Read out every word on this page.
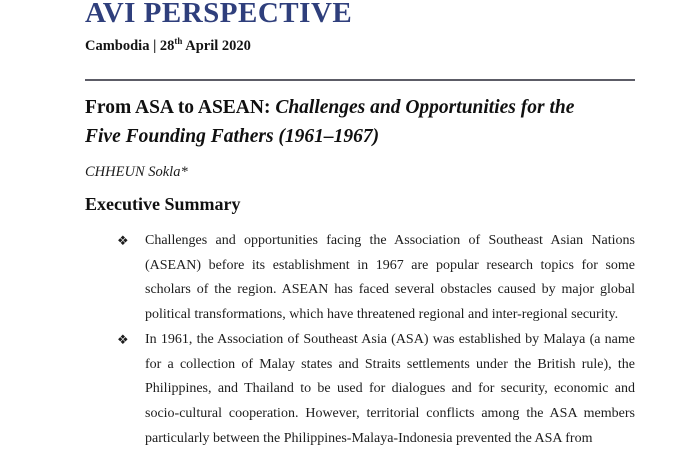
AVI PERSPECTIVE
Cambodia | 28th April 2020
From ASA to ASEAN: Challenges and Opportunities for the Five Founding Fathers (1961–1967)
CHHEUN Sokla*
Executive Summary
❖	Challenges and opportunities facing the Association of Southeast Asian Nations (ASEAN) before its establishment in 1967 are popular research topics for some scholars of the region. ASEAN has faced several obstacles caused by major global political transformations, which have threatened regional and inter-regional security.
❖	In 1961, the Association of Southeast Asia (ASA) was established by Malaya (a name for a collection of Malay states and Straits settlements under the British rule), the Philippines, and Thailand to be used for dialogues and for security, economic and socio-cultural cooperation. However, territorial conflicts among the ASA members particularly between the Philippines-Malaya-Indonesia prevented the ASA from
